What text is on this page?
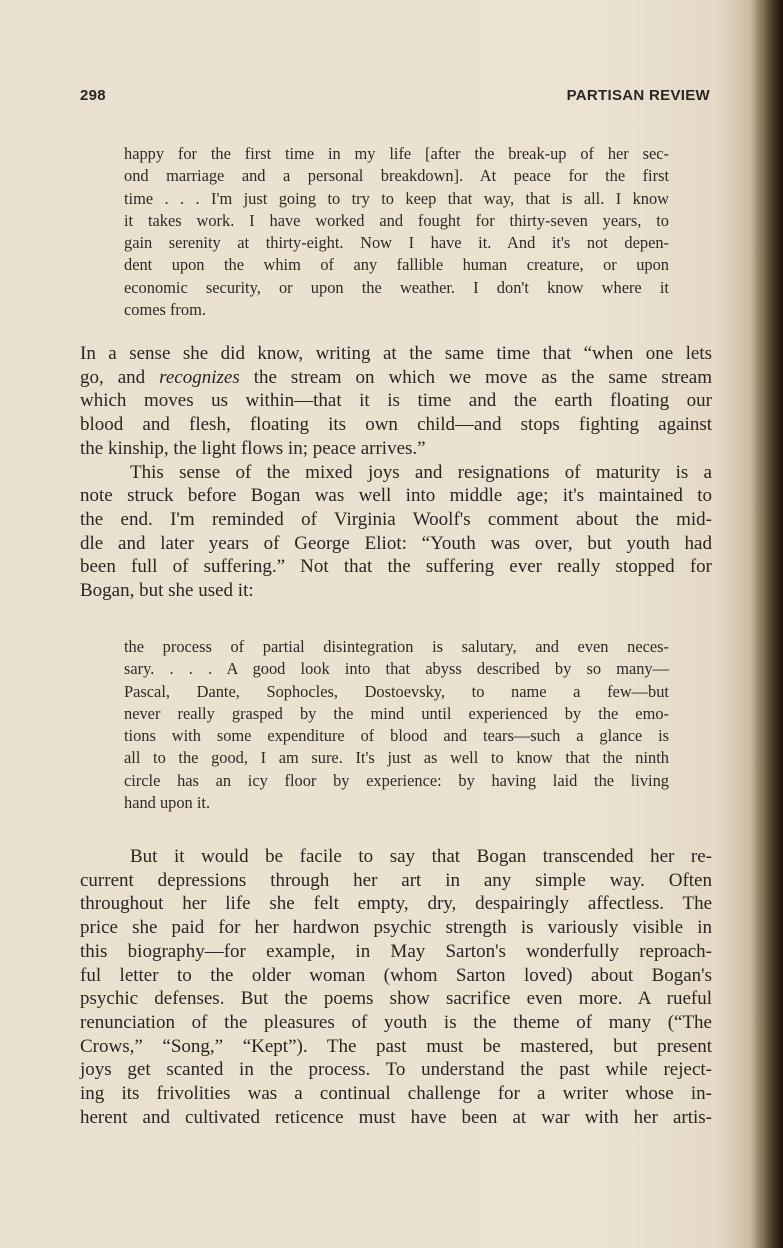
298	PARTISAN REVIEW

happy for the first time in my life [after the break-up of her sec-
ond marriage and a personal breakdown]. At peace for the first
time . . . I'm just going to try to keep that way, that is all. I know
it takes work. I have worked and fought for thirty-seven years, to
gain serenity at thirty-eight. Now I have it. And it's not depen-
dent upon the whim of any fallible human creature, or upon
economic security, or upon the weather. I don't know where it
comes from.

In a sense she did know, writing at the same time that “when one lets
go, and recognizes the stream on which we move as the same stream
which moves us within—that it is time and the earth floating our
blood and flesh, floating its own child—and stops fighting against
the kinship, the light flows in; peace arrives.”

This sense of the mixed joys and resignations of maturity is a
note struck before Bogan was well into middle age; it's maintained to
the end. I'm reminded of Virginia Woolf's comment about the mid-
dle and later years of George Eliot: “Youth was over, but youth had
been full of suffering.” Not that the suffering ever really stopped for
Bogan, but she used it:

the process of partial disintegration is salutary, and even neces-
sary. . . . A good look into that abyss described by so many—
Pascal, Dante, Sophocles, Dostoevsky, to name a few—but
never really grasped by the mind until experienced by the emo-
tions with some expenditure of blood and tears—such a glance is
all to the good, I am sure. It's just as well to know that the ninth
circle has an icy floor by experience: by having laid the living
hand upon it.

But it would be facile to say that Bogan transcended her re-
current depressions through her art in any simple way. Often
throughout her life she felt empty, dry, despairingly affectless. The
price she paid for her hardwon psychic strength is variously visible in
this biography—for example, in May Sarton's wonderfully reproach-
ful letter to the older woman (whom Sarton loved) about Bogan's
psychic defenses. But the poems show sacrifice even more. A rueful
renunciation of the pleasures of youth is the theme of many (“The
Crows,” “Song,” “Kept”). The past must be mastered, but present
joys get scanted in the process. To understand the past while reject-
ing its frivolities was a continual challenge for a writer whose in-
herent and cultivated reticence must have been at war with her artis-
